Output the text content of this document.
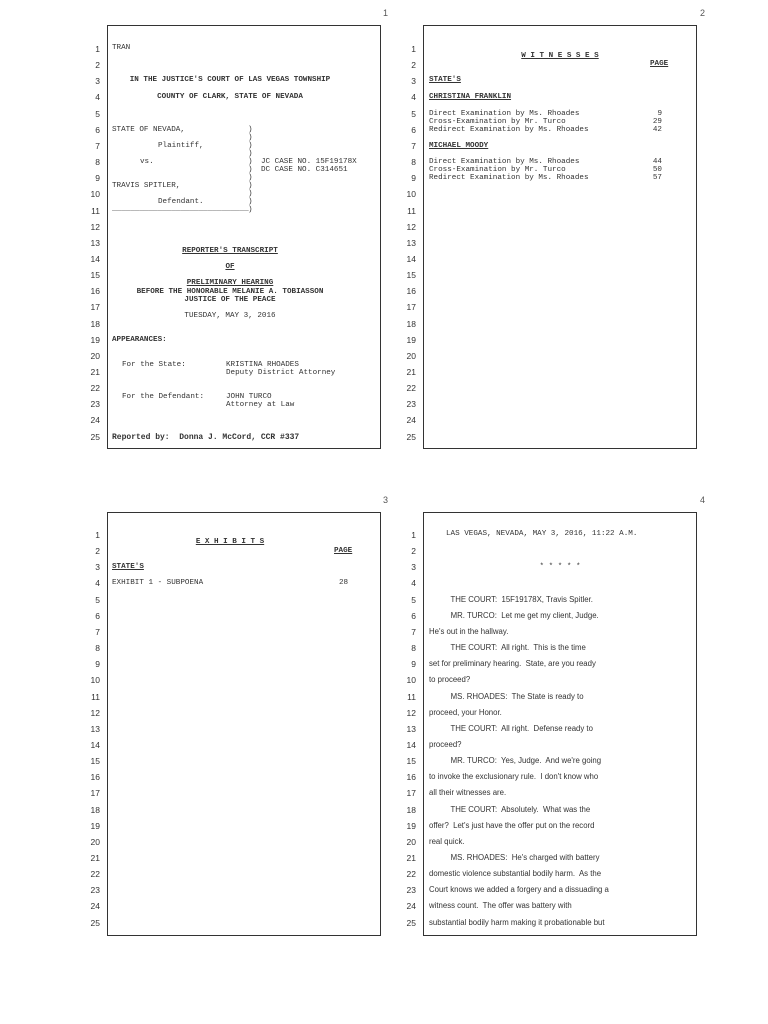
1	2
3	4
TRAN
IN THE JUSTICE'S COURT OF LAS VEGAS TOWNSHIP
COUNTY OF CLARK, STATE OF NEVADA
STATE OF NEVADA,
Plaintiff,
vs.
TRAVIS SPITLER,
Defendant.
______________________________
)
)
)
)
)
)
)
)
)
)
)
JC CASE NO. 15F19178X
DC CASE NO. C314651
REPORTER'S TRANSCRIPT
OF
PRELIMINARY HEARING
BEFORE THE HONORABLE MELANIE A. TOBIASSON
JUSTICE OF THE PEACE
TUESDAY, MAY 3, 2016
APPEARANCES:
For the State:	KRISTINA RHOADES
Deputy District Attorney
For the Defendant:	JOHN TURCO
Attorney at Law
Reported by:  Donna J. McCord, CCR #337
W I T N E S S E S
PAGE
STATE'S
CHRISTINA FRANKLIN
Direct Examination by Ms. Rhoades	9
Cross-Examination by Mr. Turco	29
Redirect Examination by Ms. Rhoades	42
MICHAEL MOODY
Direct Examination by Ms. Rhoades	44
Cross-Examination by Mr. Turco	50
Redirect Examination by Ms. Rhoades	57
E X H I B I T S
PAGE
STATE'S
EXHIBIT 1 - SUBPOENA	28
LAS VEGAS, NEVADA, MAY 3, 2016, 11:22 A.M.
* * * * *
THE COURT:  15F19178X, Travis Spitler.
MR. TURCO:  Let me get my client, Judge.
He's out in the hallway.
THE COURT:  All right.  This is the time
set for preliminary hearing.  State, are you ready
to proceed?
MS. RHOADES:  The State is ready to
proceed, your Honor.
THE COURT:  All right.  Defense ready to
proceed?
MR. TURCO:  Yes, Judge.  And we're going
to invoke the exclusionary rule.  I don't know who
all their witnesses are.
THE COURT:  Absolutely.  What was the
offer?  Let's just have the offer put on the record
real quick.
MS. RHOADES:  He's charged with battery
domestic violence substantial bodily harm.  As the
Court knows we added a forgery and a dissuading a
witness count.  The offer was battery with
substantial bodily harm making it probationable but
1
2
3
4
5
6
7
8
9
10
11
12
13
14
15
16
17
18
19
20
21
22
23
24
25
1
2
3
4
5
6
7
8
9
10
11
12
13
14
15
16
17
18
19
20
21
22
23
24
25
1
2
3
4
5
6
7
8
9
10
11
12
13
14
15
16
17
18
19
20
21
22
23
24
25
1
2
3
4
5
6
7
8
9
10
11
12
13
14
15
16
17
18
19
20
21
22
23
24
25
